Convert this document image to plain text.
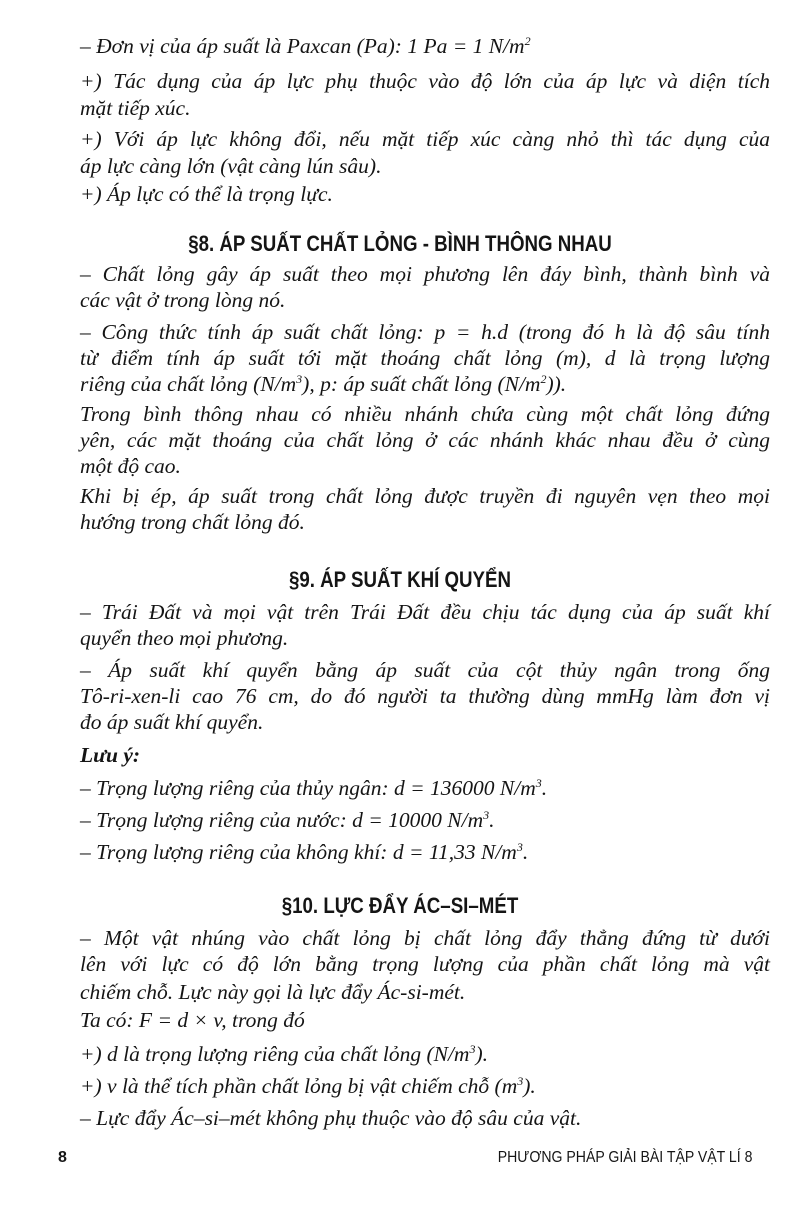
– Đơn vị của áp suất là Paxcan (Pa): 1 Pa = 1 $N/m^2$
+) Tác dụng của áp lực phụ thuộc vào độ lớn của áp lực và diện tích
mặt tiếp xúc.
+) Với áp lực không đổi, nếu mặt tiếp xúc càng nhỏ thì tác dụng của
áp lực càng lớn (vật càng lún sâu).
+) Áp lực có thể là trọng lực.
§8. ÁP SUẤT CHẤT LỎNG - BÌNH THÔNG NHAU
– Chất lỏng gây áp suất theo mọi phương lên đáy bình, thành bình và
các vật ở trong lòng nó.
– Công thức tính áp suất chất lỏng: p = h.d (trong đó h là độ sâu tính
từ điểm tính áp suất tới mặt thoáng chất lỏng (m), d là trọng lượng
riêng của chất lỏng $(N/m^3)$, p: áp suất chất lỏng $(N/m^2)$).
Trong bình thông nhau có nhiều nhánh chứa cùng một chất lỏng đứng
yên, các mặt thoáng của chất lỏng ở các nhánh khác nhau đều ở cùng
một độ cao.
Khi bị ép, áp suất trong chất lỏng được truyền đi nguyên vẹn theo mọi
hướng trong chất lỏng đó.
§9. ÁP SUẤT KHÍ QUYỂN
– Trái Đất và mọi vật trên Trái Đất đều chịu tác dụng của áp suất khí
quyển theo mọi phương.
– Áp suất khí quyển bằng áp suất của cột thủy ngân trong ống
Tô-ri-xen-li cao 76 cm, do đó người ta thường dùng mmHg làm đơn vị
đo áp suất khí quyển.
Lưu ý:
– Trọng lượng riêng của thủy ngân: d = 136000 $N/m^3$.
– Trọng lượng riêng của nước: d = 10000 $N/m^3$.
– Trọng lượng riêng của không khí: d = 11,33 $N/m^3$.
§10. LỰC ĐẨY ÁC–SI–MÉT
– Một vật nhúng vào chất lỏng bị chất lỏng đẩy thẳng đứng từ dưới
lên với lực có độ lớn bằng trọng lượng của phần chất lỏng mà vật
chiếm chỗ. Lực này gọi là lực đẩy Ác-si-mét.
Ta có: F = d × v, trong đó
+) d là trọng lượng riêng của chất lỏng $(N/m^3)$.
+) v là thể tích phần chất lỏng bị vật chiếm chỗ $(m^3)$.
– Lực đẩy Ác–si–mét không phụ thuộc vào độ sâu của vật.
8	PHƯƠNG PHÁP GIẢI BÀI TẬP VẬT LÍ 8
